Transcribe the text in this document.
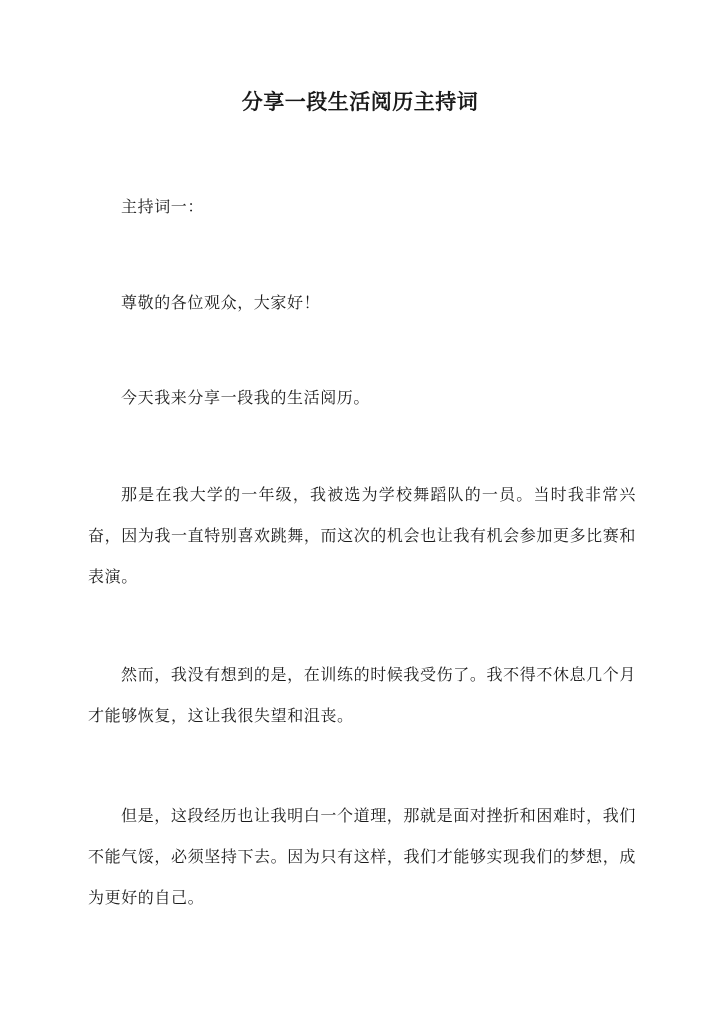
分享一段生活阅历主持词

主持词一：

尊敬的各位观众，大家好！

今天我来分享一段我的生活阅历。

那是在我大学的一年级，我被选为学校舞蹈队的一员。当时我非常兴奋，因为我一直特别喜欢跳舞，而这次的机会也让我有机会参加更多比赛和表演。

然而，我没有想到的是，在训练的时候我受伤了。我不得不休息几个月才能够恢复，这让我很失望和沮丧。

但是，这段经历也让我明白一个道理，那就是面对挫折和困难时，我们不能气馁，必须坚持下去。因为只有这样，我们才能够实现我们的梦想，成为更好的自己。
